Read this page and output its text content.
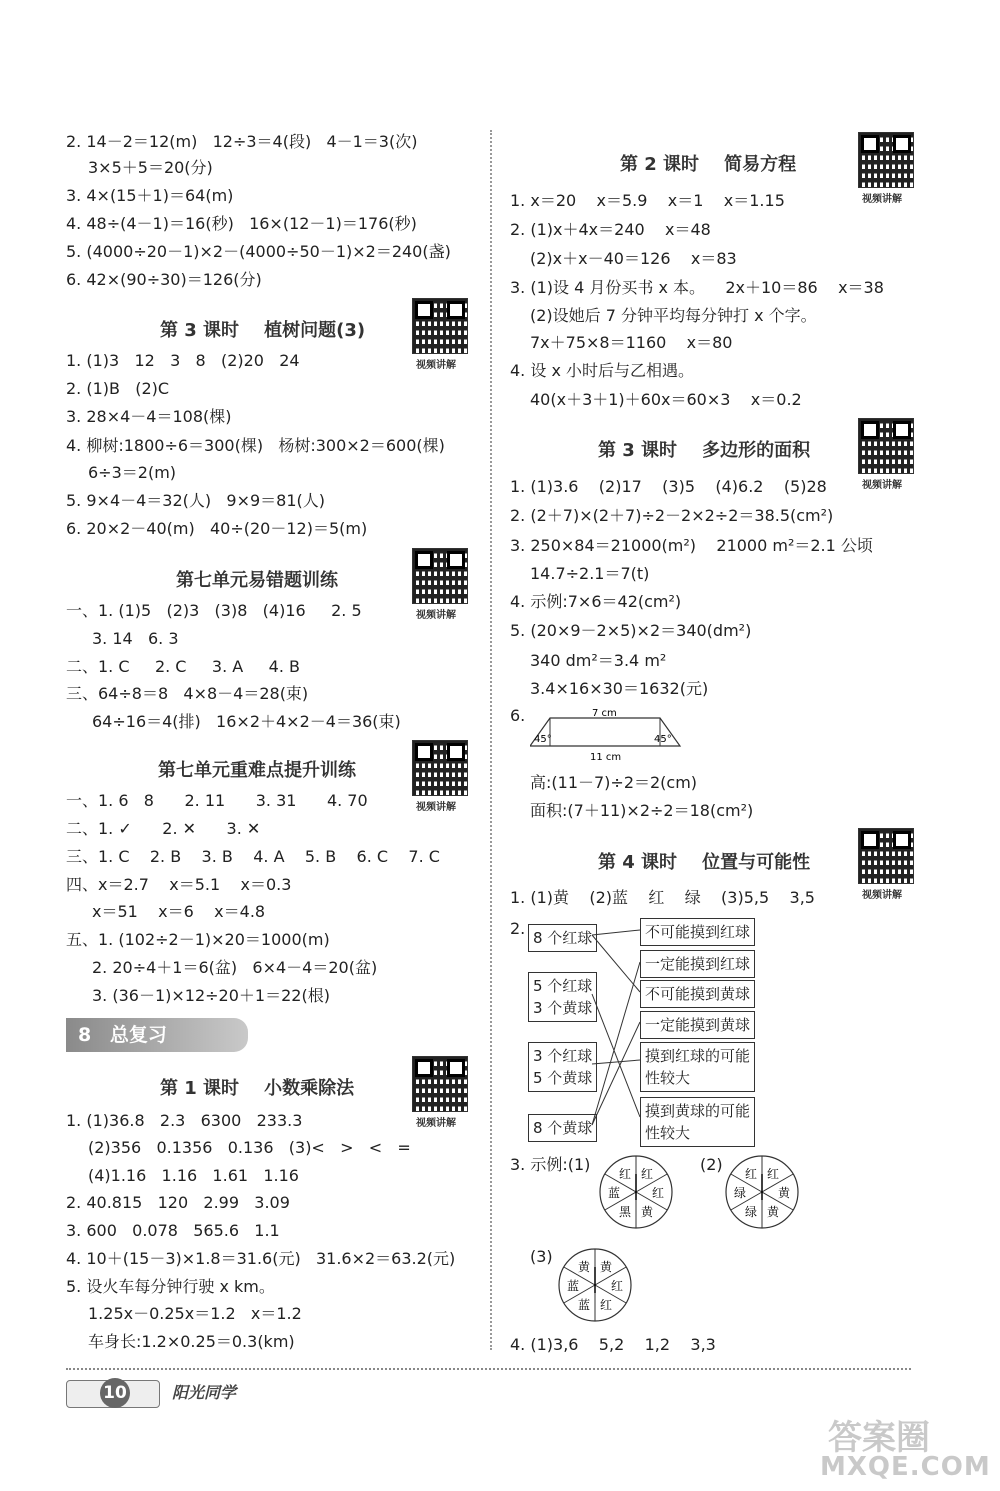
2. 14－2＝12(m)   12÷3＝4(段)   4－1＝3(次)
3×5＋5＝20(分)
3. 4×(15＋1)＝64(m)
4. 48÷(4－1)＝16(秒)   16×(12－1)＝176(秒)
5. (4000÷20－1)×2－(4000÷50－1)×2＝240(盏)
6. 42×(90÷30)＝126(分)
1. (1)3   12   3   8   (2)20   24
2. (1)B   (2)C
3. 28×4－4＝108(棵)
4. 柳树:1800÷6＝300(棵)   杨树:300×2＝600(棵)
6÷3＝2(m)
5. 9×4－4＝32(人)   9×9＝81(人)
6. 20×2－40(m)   40÷(20－12)＝5(m)
一、1. (1)5   (2)3   (3)8   (4)16     2. 5
3. 14   6. 3
二、1. C     2. C     3. A     4. B
三、64÷8＝8   4×8－4＝28(束)
64÷16＝4(排)   16×2＋4×2－4＝36(束)
一、1. 6   8      2. 11      3. 31      4. 70
二、1. ✓      2. ✕      3. ✕
三、1. C    2. B    3. B    4. A    5. B    6. C    7. C
四、x＝2.7    x＝5.1    x＝0.3
x＝51    x＝6    x＝4.8
五、1. (102÷2－1)×20＝1000(m)
2. 20÷4＋1＝6(盆)   6×4－4＝20(盆)
3. (36－1)×12÷20＋1＝22(根)
1. (1)36.8   2.3   6300   233.3
(2)356   0.1356   0.136   (3)<   >   <   =
(4)1.16   1.16   1.61   1.16
2. 40.815   120   2.99   3.09
3. 600   0.078   565.6   1.1
4. 10＋(15－3)×1.8＝31.6(元)   31.6×2＝63.2(元)
5. 设火车每分钟行驶 x km。
1.25x－0.25x＝1.2   x＝1.2
车身长:1.2×0.25＝0.3(km)
第 3 课时    植树问题(3)
第七单元易错题训练
第七单元重难点提升训练
第 1 课时    小数乘除法
1. x＝20    x＝5.9    x＝1    x＝1.15
2. (1)x＋4x＝240    x＝48
(2)x＋x－40＝126    x＝83
3. (1)设 4 月份买书 x 本。    2x＋10＝86    x＝38
(2)设她后 7 分钟平均每分钟打 x 个字。
7x＋75×8＝1160    x＝80
4. 设 x 小时后与乙相遇。
40(x＋3＋1)＋60x＝60×3    x＝0.2
1. (1)3.6    (2)17    (3)5    (4)6.2    (5)28
2. (2＋7)×(2＋7)÷2－2×2÷2＝38.5(cm²)
3. 250×84＝21000(m²)    21000 m²＝2.1 公顷
14.7÷2.1＝7(t)
4. 示例:7×6＝42(cm²)
5. (20×9－2×5)×2＝340(dm²)
340 dm²＝3.4 m²
3.4×16×30＝1632(元)
6.
高:(11－7)÷2＝2(cm)
面积:(7＋11)×2÷2＝18(cm²)
1. (1)黄    (2)蓝    红    绿    (3)5,5    3,5
2.
3. 示例:(1)	(2)
(3)
4. (1)3,6    5,2    1,2    3,3
第 2 课时    简易方程
第 3 课时    多边形的面积
第 4 课时    位置与可能性
8 总复习
视频讲解
视频讲解
视频讲解
视频讲解
视频讲解
视频讲解
视频讲解
7 cm
11 cm
45°	45°
8 个红球
5 个红球
3 个黄球
3 个红球
5 个黄球
8 个黄球
不可能摸到红球
一定能摸到红球
不可能摸到黄球
一定能摸到黄球
摸到红球的可能
性较大
摸到黄球的可能
性较大
红
红
黄
黑
蓝
红	红
黄
黄
绿
绿
红
黄
红
红
蓝
蓝
黄
10	阳光同学
答案圈
MXQE.COM
